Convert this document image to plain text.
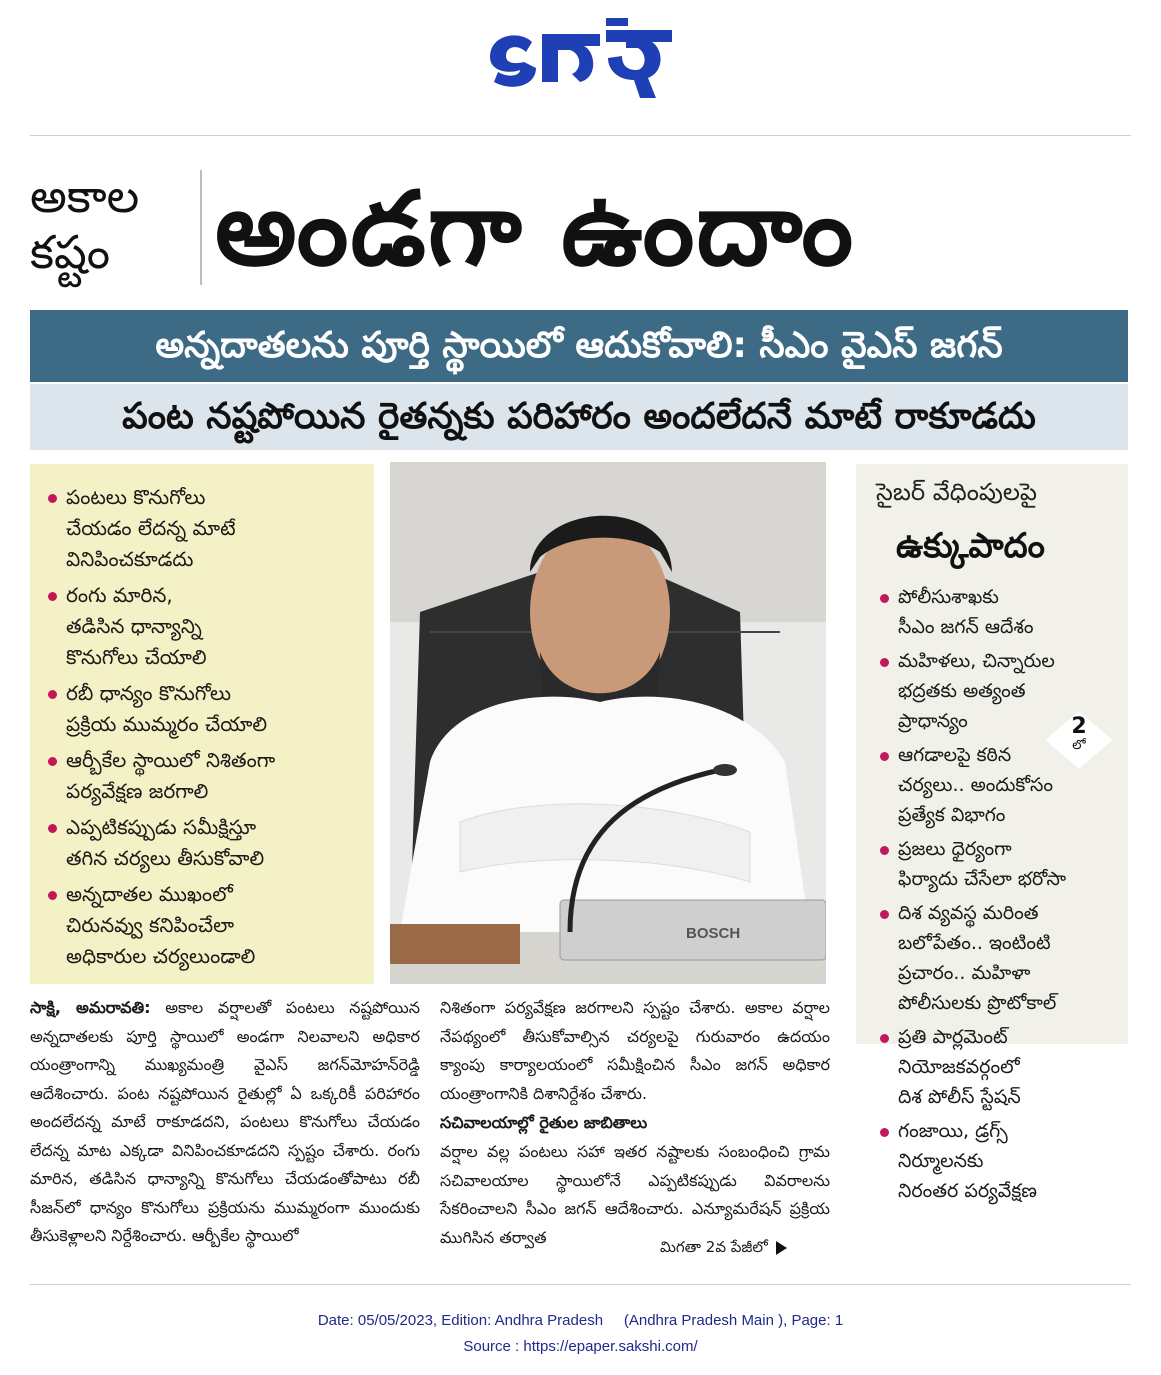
అకాల
కష్టం	అండగా ఉందాం
అన్నదాతలను పూర్తి స్థాయిలో ఆదుకోవాలి: సీఎం వైఎస్ జగన్
పంట నష్టపోయిన రైతన్నకు పరిహారం అందలేదనే మాటే రాకూడదు
పంటలు కొనుగోలు
చేయడం లేదన్న మాటే
వినిపించకూడదు
రంగు మారిన,
తడిసిన ధాన్యాన్ని
కొనుగోలు చేయాలి
రబీ ధాన్యం కొనుగోలు
ప్రక్రియ ముమ్మరం చేయాలి
ఆర్బీకేల స్థాయిలో నిశితంగా
పర్యవేక్షణ జరగాలి
ఎప్పటికప్పుడు సమీక్షిస్తూ
తగిన చర్యలు తీసుకోవాలి
అన్నదాతల ముఖంలో
చిరునవ్వు కనిపించేలా
అధికారుల చర్యలుండాలి
BOSCH
సైబర్ వేధింపులపై
ఉక్కుపాదం
పోలీసుశాఖకు
సీఎం జగన్ ఆదేశం
మహిళలు, చిన్నారుల
భద్రతకు అత్యంత
ప్రాధాన్యం
ఆగడాలపై కఠిన
చర్యలు.. అందుకోసం
ప్రత్యేక విభాగం
ప్రజలు ధైర్యంగా
ఫిర్యాదు చేసేలా భరోసా
దిశ వ్యవస్థ మరింత
బలోపేతం.. ఇంటింటి
ప్రచారం.. మహిళా
పోలీసులకు ప్రొటోకాల్
ప్రతి పార్లమెంట్
నియోజకవర్గంలో
దిశ పోలీస్ స్టేషన్
గంజాయి, డ్రగ్స్
నిర్మూలనకు
నిరంతర పర్యవేక్షణ
2
లో
సాక్షి, అమరావతి: అకాల వర్షాలతో పంటలు నష్టపోయిన అన్నదాతలకు పూర్తి స్థాయిలో అండగా నిలవాలని అధికార యంత్రాంగాన్ని ముఖ్యమంత్రి వైఎస్ జగన్‌మోహన్‌రెడ్డి ఆదేశించారు. పంట నష్టపోయిన రైతుల్లో ఏ ఒక్కరికీ పరిహారం అందలేదన్న మాటే రాకూడదని, పంటలు కొనుగోలు చేయడం లేదన్న మాట ఎక్కడా వినిపించకూడదని స్పష్టం చేశారు. రంగు మారిన, తడిసిన ధాన్యాన్ని కొనుగోలు చేయడంతోపాటు రబీ సీజన్‌లో ధాన్యం కొనుగోలు ప్రక్రియను ముమ్మరంగా ముందుకు తీసుకెళ్లాలని నిర్దేశించారు. ఆర్బీకేల స్థాయిలో
నిశితంగా పర్యవేక్షణ జరగాలని స్పష్టం చేశారు. అకాల వర్షాల నేపథ్యంలో తీసుకోవాల్సిన చర్యలపై గురువారం ఉదయం క్యాంపు కార్యాలయంలో సమీక్షించిన సీఎం జగన్ అధికార యంత్రాంగానికి దిశానిర్దేశం చేశారు.
సచివాలయాల్లో రైతుల జాబితాలు
వర్షాల వల్ల పంటలు సహా ఇతర నష్టాలకు సంబంధించి గ్రామ సచివాలయాల స్థాయిలోనే ఎప్పటికప్పుడు వివరాలను సేకరించాలని సీఎం జగన్ ఆదేశించారు. ఎన్యూమరేషన్ ప్రక్రియ ముగిసిన తర్వాత
మిగతా 2వ పేజీలో
Date: 05/05/2023, Edition: Andhra Pradesh     (Andhra Pradesh Main ), Page: 1
Source : https://epaper.sakshi.com/
